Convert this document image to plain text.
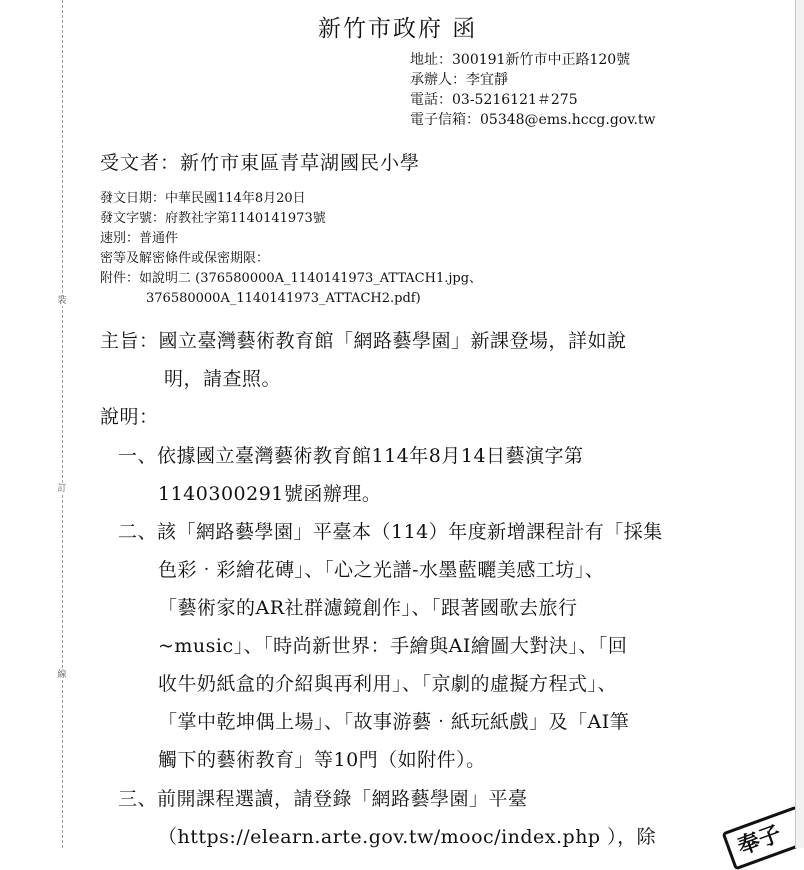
裝
訂
線
新竹市政府 函
地址：300191新竹市中正路120號
承辦人：李宜靜
電話：03-5216121＃275
電子信箱：05348@ems.hccg.gov.tw
受文者：新竹市東區青草湖國民小學
發文日期：中華民國114年8月20日
發文字號：府教社字第1140141973號
速別：普通件
密等及解密條件或保密期限：
附件：如說明二 (376580000A_1140141973_ATTACH1.jpg、
376580000A_1140141973_ATTACH2.pdf)
主旨：國立臺灣藝術教育館「網路藝學園」新課登場，詳如說
明，請查照。
說明：
一、依據國立臺灣藝術教育館114年8月14日藝演字第
1140300291號函辦理。
二、該「網路藝學園」平臺本（114）年度新增課程計有「採集
色彩‧彩繪花磚」、「心之光譜-水墨藍曬美感工坊」、
「藝術家的AR社群濾鏡創作」、「跟著國歌去旅行
~music」、「時尚新世界：手繪與AI繪圖大對決」、「回
收牛奶紙盒的介紹與再利用」、「京劇的虛擬方程式」、
「掌中乾坤偶上場」、「故事游藝‧紙玩紙戲」及「AI筆
觸下的藝術教育」等10門（如附件）。
三、前開課程選讀，請登錄「網路藝學園」平臺
（https://elearn.arte.gov.tw/mooc/index.php ），除	奉子
